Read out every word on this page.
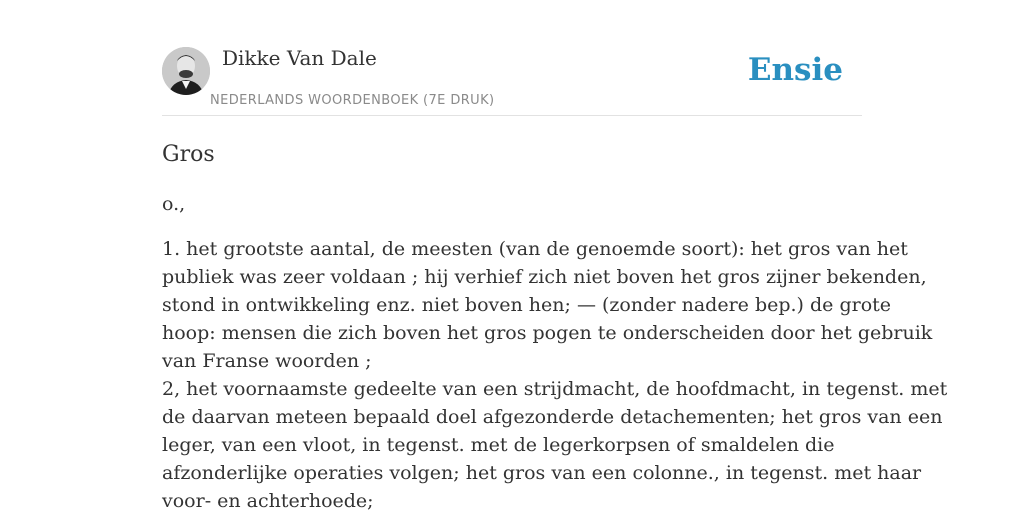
Dikke Van Dale
NEDERLANDS WOORDENBOEK (7E DRUK)
Ensie
Gros

o.,

1. het grootste aantal, de meesten (van de genoemde soort): het gros van het
publiek was zeer voldaan ; hij verhief zich niet boven het gros zijner bekenden,
stond in ontwikkeling enz. niet boven hen; — (zonder nadere bep.) de grote
hoop: mensen die zich boven het gros pogen te onderscheiden door het gebruik
van Franse woorden ;
2, het voornaamste gedeelte van een strijdmacht, de hoofdmacht, in tegenst. met
de daarvan meteen bepaald doel afgezonderde detachementen; het gros van een
leger, van een vloot, in tegenst. met de legerkorpsen of smaldelen die
afzonderlijke operaties volgen; het gros van een colonne., in tegenst. met haar
voor- en achterhoede;
